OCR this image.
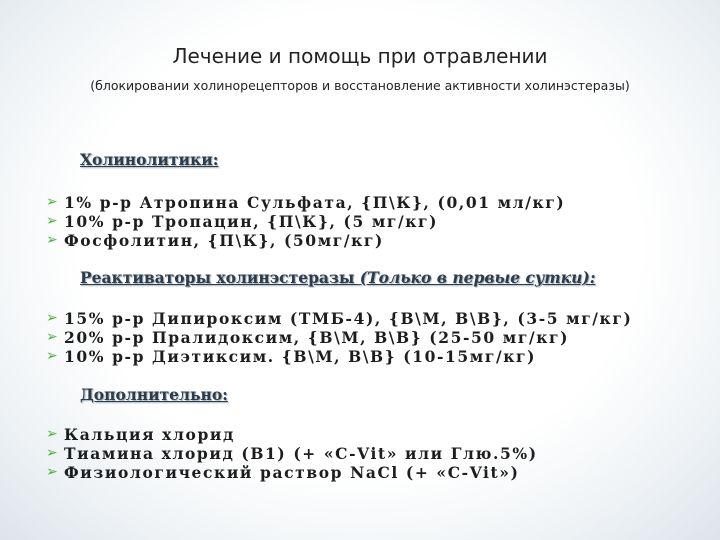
Лечение и помощь при отравлении
(блокировании холинорецепторов и восстановление активности холинэстеразы)
Холинолитики:
➢ 1% р-р Атропина Сульфата, {П\К}, (0,01 мл/кг)
➢ 10% р-р Тропацин, {П\К}, (5 мг/кг)
➢ Фосфолитин, {П\К}, (50мг/кг)
Реактиваторы холинэстеразы (Только в первые сутки):
➢ 15% р-р Дипироксим (ТМБ-4), {В\М, В\В}, (3-5 мг/кг)
➢ 20% р-р Пралидоксим, {В\М, В\В} (25-50 мг/кг)
➢ 10% р-р Диэтиксим. {В\М, В\В} (10-15мг/кг)
Дополнительно:
➢ Кальция хлорид
➢ Тиамина хлорид (В1) (+ «С-Vit» или Глю.5%)
➢ Физиологический раствор NaCl (+ «С-Vit»)
